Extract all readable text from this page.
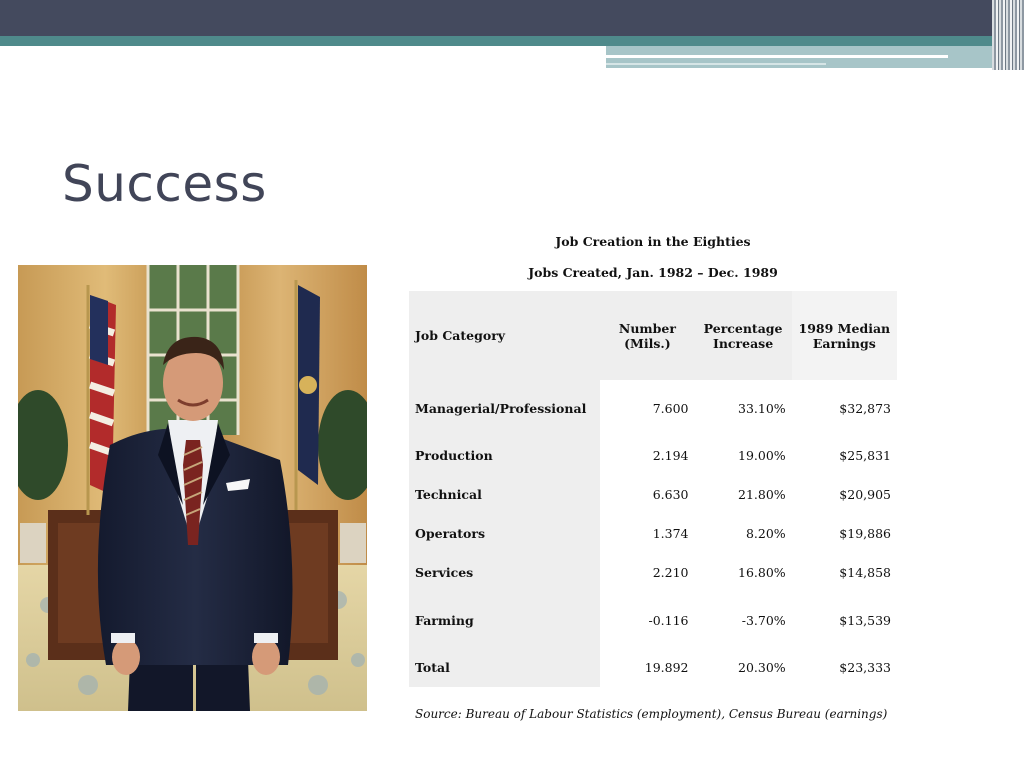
Success
Job Creation in the Eighties
Jobs Created, Jan. 1982 – Dec. 1989
Job Category	Number (Mils.)	Percentage Increase	1989 Median Earnings
Managerial/Professional	7.600	33.10%	$32,873
Production	2.194	19.00%	$25,831
Technical	6.630	21.80%	$20,905
Operators	1.374	8.20%	$19,886
Services	2.210	16.80%	$14,858
Farming	-0.116	-3.70%	$13,539
Total	19.892	20.30%	$23,333
Source: Bureau of Labour Statistics (employment), Census Bureau (earnings)
